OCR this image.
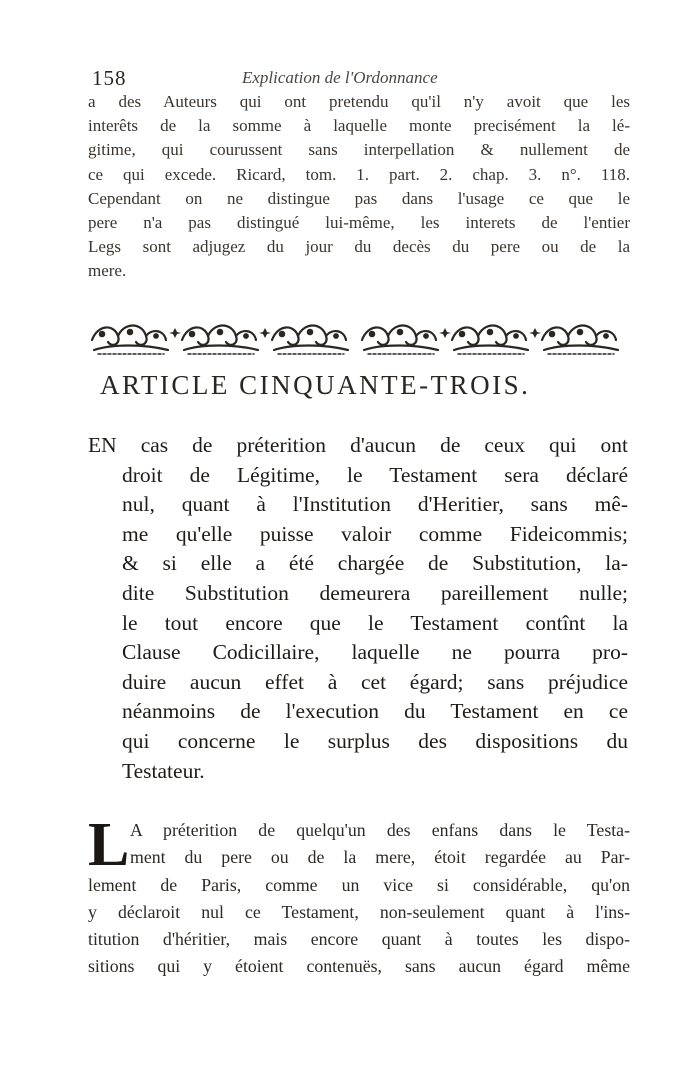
158	Explication de l'Ordonnance
a des Auteurs qui ont pretendu qu'il n'y avoit que les
interêts de la somme à laquelle monte precisément la lé-
gitime, qui courussent sans interpellation & nullement de
ce qui excede. Ricard, tom. 1. part. 2. chap. 3. n°. 118.
Cependant on ne distingue pas dans l'usage ce que le
pere n'a pas distingué lui-même, les interets de l'entier
Legs sont adjugez du jour du decès du pere ou de la
mere.
ARTICLE CINQUANTE-TROIS.
EN cas de préterition d'aucun de ceux qui ont
droit de Légitime, le Testament sera déclaré
nul, quant à l'Institution d'Heritier, sans mê-
me qu'elle puisse valoir comme Fideicommis;
& si elle a été chargée de Substitution, la-
dite Substitution demeurera pareillement nulle;
le tout encore que le Testament contînt la
Clause Codicillaire, laquelle ne pourra pro-
duire aucun effet à cet égard; sans préjudice
néanmoins de l'execution du Testament en ce
qui concerne le surplus des dispositions du
Testateur.
L A préterition de quelqu'un des enfans dans le Testa-
ment du pere ou de la mere, étoit regardée au Par-
lement de Paris, comme un vice si considérable, qu'on
y déclaroit nul ce Testament, non-seulement quant à l'ins-
titution d'héritier, mais encore quant à toutes les dispo-
sitions qui y étoient contenuës, sans aucun égard même
